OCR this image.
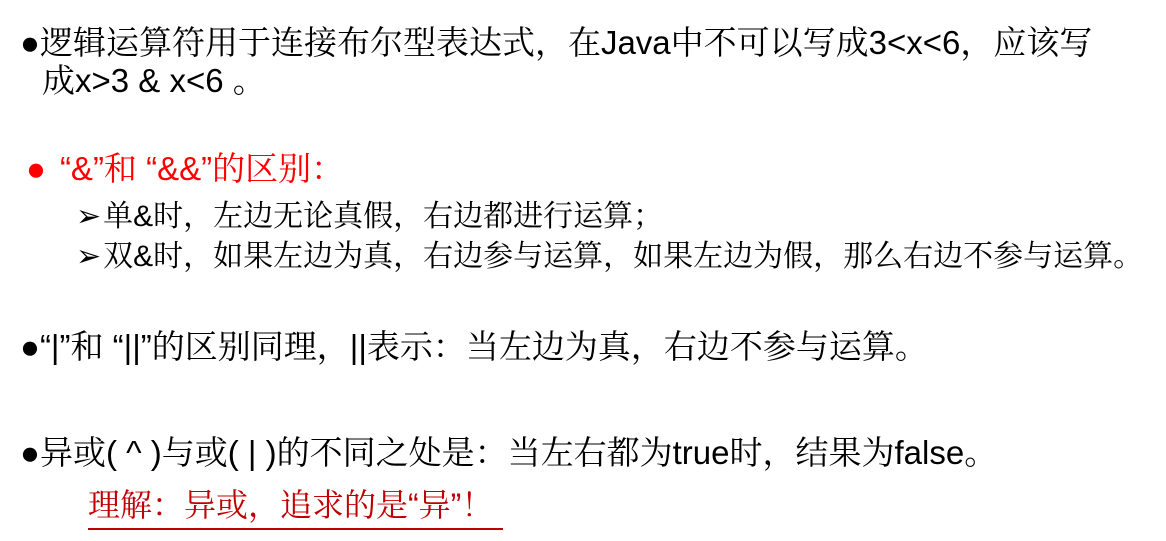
●逻辑运算符用于连接布尔型表达式，在Java中不可以写成3<x<6，应该写
成x>3 & x<6 。
● “&”和 “&&”的区别：
➢单&时，左边无论真假，右边都进行运算；
➢双&时，如果左边为真，右边参与运算，如果左边为假，那么右边不参与运算。
●“|”和 “||”的区别同理，||表示：当左边为真，右边不参与运算。
●异或( ^ )与或( | )的不同之处是：当左右都为true时，结果为false。
理解：异或，追求的是“异”！
